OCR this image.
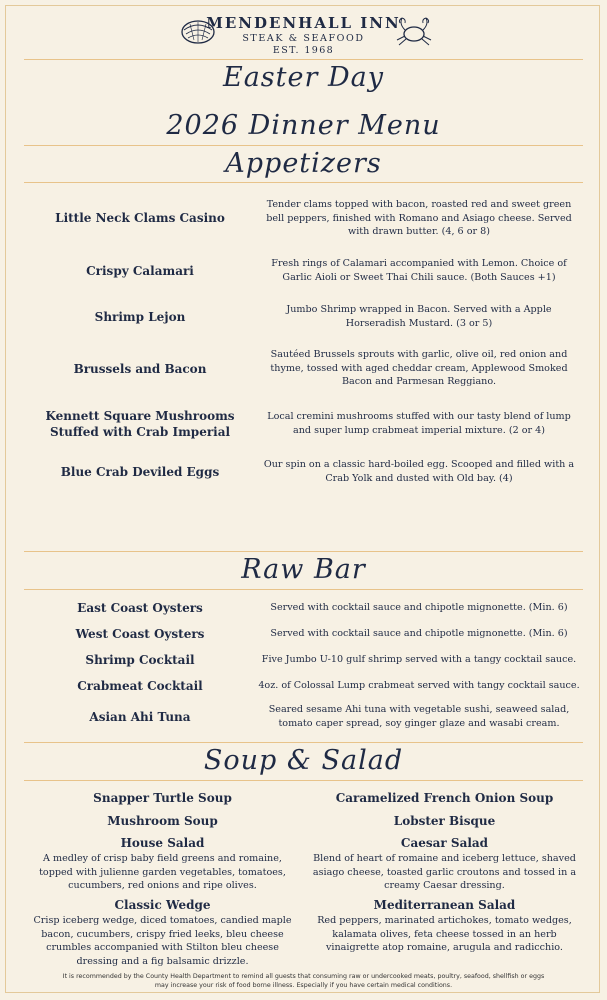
MENDENHALL INN
STEAK & SEAFOOD
EST. 1968
Easter Day
2026 Dinner Menu
Appetizers
Little Neck Clams Casino
Tender clams topped with bacon, roasted red and sweet green bell peppers, finished with Romano and Asiago cheese. Served with drawn butter. (4, 6 or 8)
Crispy Calamari
Fresh rings of Calamari accompanied with Lemon. Choice of Garlic Aioli or Sweet Thai Chili sauce. (Both Sauces +1)
Shrimp Lejon
Jumbo Shrimp wrapped in Bacon. Served with a Apple Horseradish Mustard. (3 or 5)
Brussels and Bacon
Sautéed Brussels sprouts with garlic, olive oil, red onion and thyme, tossed with aged cheddar cream, Applewood Smoked Bacon and Parmesan Reggiano.
Kennett Square Mushrooms Stuffed with Crab Imperial
Local cremini mushrooms stuffed with our tasty blend of lump and super lump crabmeat imperial mixture. (2 or 4)
Blue Crab Deviled Eggs
Our spin on a classic hard-boiled egg. Scooped and filled with a Crab Yolk and dusted with Old bay. (4)
Raw Bar
East Coast Oysters	Served with cocktail sauce and chipotle mignonette. (Min. 6)
West Coast Oysters	Served with cocktail sauce and chipotle mignonette. (Min. 6)
Shrimp Cocktail	Five Jumbo U-10 gulf shrimp served with a tangy cocktail sauce.
Crabmeat Cocktail	4oz. of Colossal Lump crabmeat served with tangy cocktail sauce.
Asian Ahi Tuna
Seared sesame Ahi tuna with vegetable sushi, seaweed salad, tomato caper spread, soy ginger glaze and wasabi cream.
Soup & Salad
Snapper Turtle Soup
Mushroom Soup
House Salad
A medley of crisp baby field greens and romaine, topped with julienne garden vegetables, tomatoes, cucumbers, red onions and ripe olives.
Classic Wedge
Crisp iceberg wedge, diced tomatoes, candied maple bacon, cucumbers, crispy fried leeks, bleu cheese crumbles accompanied with Stilton bleu cheese dressing and a fig balsamic drizzle.
Caramelized French Onion Soup
Lobster Bisque
Caesar Salad
Blend of heart of romaine and iceberg lettuce, shaved asiago cheese, toasted garlic croutons and tossed in a creamy Caesar dressing.
Mediterranean Salad
Red peppers, marinated artichokes, tomato wedges, kalamata olives, feta cheese tossed in an herb vinaigrette atop romaine, arugula and radicchio.
It is recommended by the County Health Department to remind all guests that consuming raw or undercooked meats, poultry, seafood, shellfish or eggs may increase your risk of food borne illness. Especially if you have certain medical conditions.
